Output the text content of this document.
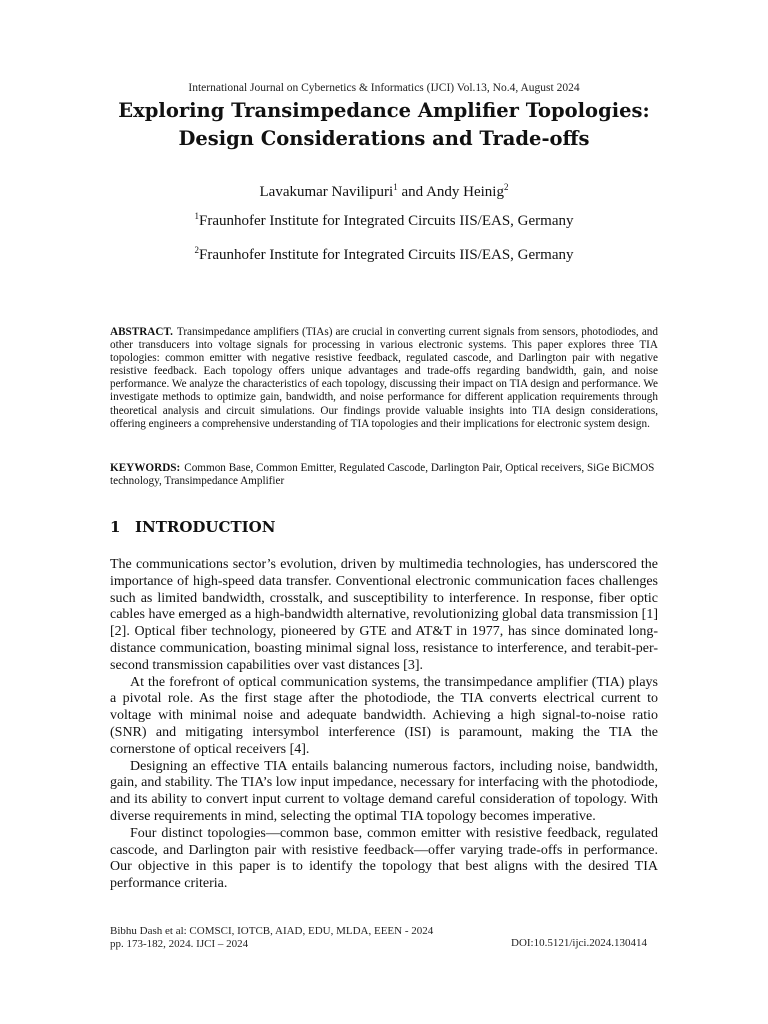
International Journal on Cybernetics & Informatics (IJCI) Vol.13, No.4, August 2024
Exploring Transimpedance Amplifier Topologies:
Design Considerations and Trade-offs
Lavakumar Navilipuri$^1$ and Andy Heinig$^2$
$^1$Fraunhofer Institute for Integrated Circuits IIS/EAS, Germany
$^2$Fraunhofer Institute for Integrated Circuits IIS/EAS, Germany
ABSTRACT. Transimpedance amplifiers (TIAs) are crucial in converting current signals from sensors, photodiodes, and other transducers into voltage signals for processing in various electronic systems. This paper explores three TIA topologies: common emitter with negative resistive feedback, regulated cascode, and Darlington pair with negative resistive feedback. Each topology offers unique advantages and trade-offs regarding bandwidth, gain, and noise performance. We analyze the characteristics of each topology, discussing their impact on TIA design and performance. We investigate methods to optimize gain, bandwidth, and noise performance for different application requirements through theoretical analysis and circuit simulations. Our findings provide valuable insights into TIA design considerations, offering engineers a comprehensive understanding of TIA topologies and their implications for electronic system design.
KEYWORDS: Common Base, Common Emitter, Regulated Cascode, Darlington Pair, Optical receivers, SiGe BiCMOS technology, Transimpedance Amplifier
1 INTRODUCTION

The communications sector’s evolution, driven by multimedia technologies, has underscored the importance of high-speed data transfer. Conventional electronic communication faces challenges such as limited bandwidth, crosstalk, and susceptibility to interference. In response, fiber optic cables have emerged as a high-bandwidth alternative, revolutionizing global data transmission [1][2]. Optical fiber technology, pioneered by GTE and AT&T in 1977, has since dominated long-distance communication, boasting minimal signal loss, resistance to interference, and terabit-per-second transmission capabilities over vast distances [3].

At the forefront of optical communication systems, the transimpedance amplifier (TIA) plays a pivotal role. As the first stage after the photodiode, the TIA converts electrical current to voltage with minimal noise and adequate bandwidth. Achieving a high signal-to-noise ratio (SNR) and mitigating intersymbol interference (ISI) is paramount, making the TIA the cornerstone of optical receivers [4].

Designing an effective TIA entails balancing numerous factors, including noise, bandwidth, gain, and stability. The TIA’s low input impedance, necessary for interfacing with the photodiode, and its ability to convert input current to voltage demand careful consideration of topology. With diverse requirements in mind, selecting the optimal TIA topology becomes imperative.

Four distinct topologies—common base, common emitter with resistive feedback, regulated cascode, and Darlington pair with resistive feedback—offer varying trade-offs in performance. Our objective in this paper is to identify the topology that best aligns with the desired TIA performance criteria.

Bibhu Dash et al: COMSCI, IOTCB, AIAD, EDU, MLDA, EEEN - 2024
pp. 173-182, 2024. IJCI – 2024	DOI:10.5121/ijci.2024.130414
